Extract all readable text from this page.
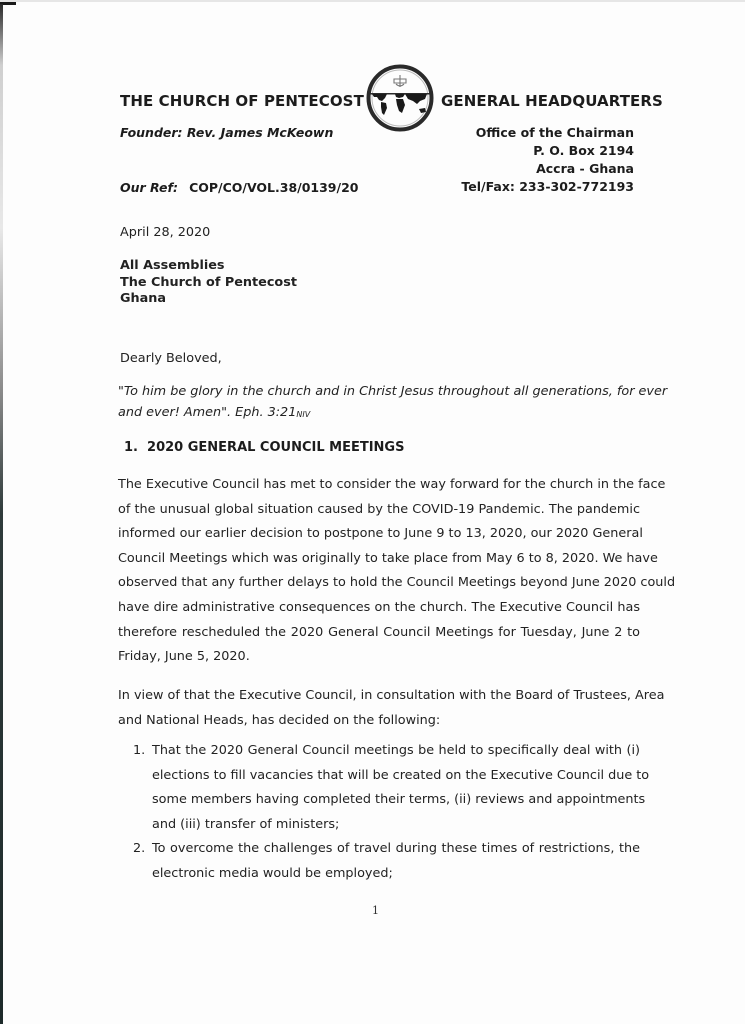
THE CHURCH OF PENTECOST	GENERAL HEADQUARTERS
Founder: Rev. James McKeown
Our Ref: COP/CO/VOL.38/0139/20
Office of the Chairman
P. O. Box 2194
Accra - Ghana
Tel/Fax: 233-302-772193
April 28, 2020
All Assemblies
The Church of Pentecost
Ghana
Dearly Beloved,
"To him be glory in the church and in Christ Jesus throughout all generations, for ever
and ever! Amen". Eph. $3:21_{NIV}$
1.  2020 GENERAL COUNCIL MEETINGS
The Executive Council has met to consider the way forward for the church in the face
of the unusual global situation caused by the COVID-19 Pandemic. The pandemic
informed our earlier decision to postpone to June 9 to 13, 2020, our 2020 General
Council Meetings which was originally to take place from May 6 to 8, 2020. We have
observed that any further delays to hold the Council Meetings beyond June 2020 could
have dire administrative consequences on the church. The Executive Council has
therefore rescheduled the 2020 General Council Meetings for Tuesday, June 2 to
Friday, June 5, 2020.
In view of that the Executive Council, in consultation with the Board of Trustees, Area
and National Heads, has decided on the following:
1. That the 2020 General Council meetings be held to specifically deal with (i)
elections to fill vacancies that will be created on the Executive Council due to
some members having completed their terms, (ii) reviews and appointments
and (iii) transfer of ministers;
2. To overcome the challenges of travel during these times of restrictions, the
electronic media would be employed;
1
